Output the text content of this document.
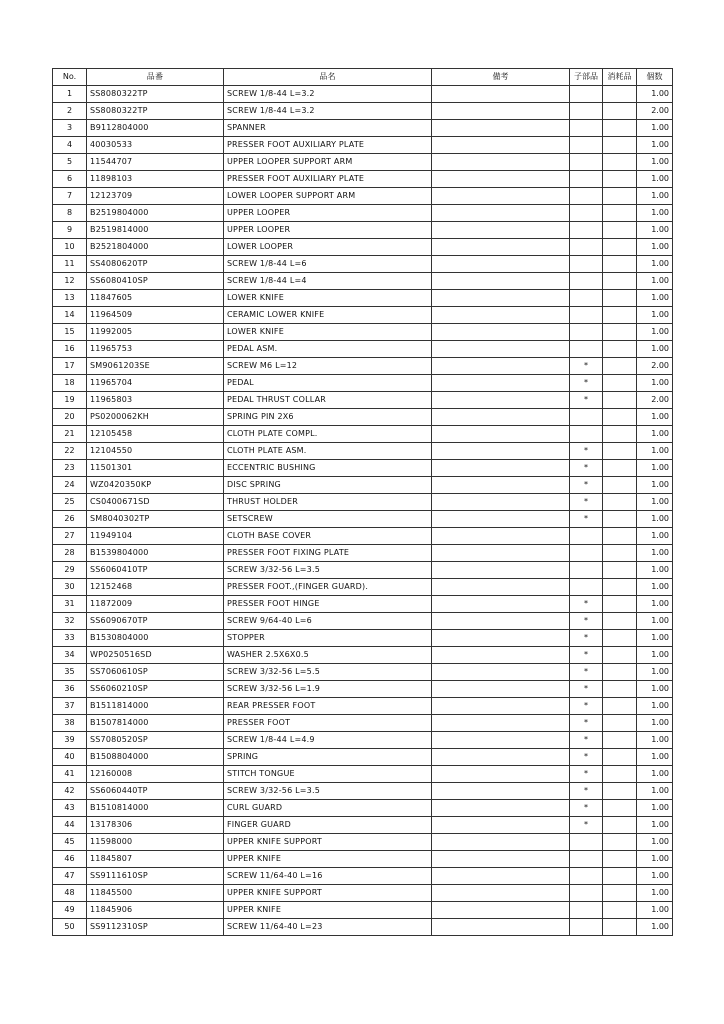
No.	品番	品名	備考	子部品	消耗品	個数
1	SS8080322TP	SCREW 1/8-44 L=3.2				1.00
2	SS8080322TP	SCREW 1/8-44 L=3.2				2.00
3	B9112804000	SPANNER				1.00
4	40030533	PRESSER FOOT AUXILIARY PLATE				1.00
5	11544707	UPPER LOOPER SUPPORT ARM				1.00
6	11898103	PRESSER FOOT AUXILIARY PLATE				1.00
7	12123709	LOWER LOOPER SUPPORT ARM				1.00
8	B2519804000	UPPER LOOPER				1.00
9	B2519814000	UPPER LOOPER				1.00
10	B2521804000	LOWER LOOPER				1.00
11	SS4080620TP	SCREW 1/8-44 L=6				1.00
12	SS6080410SP	SCREW 1/8-44 L=4				1.00
13	11847605	LOWER KNIFE				1.00
14	11964509	CERAMIC LOWER KNIFE				1.00
15	11992005	LOWER KNIFE				1.00
16	11965753	PEDAL ASM.				1.00
17	SM9061203SE	SCREW M6 L=12		*		2.00
18	11965704	PEDAL		*		1.00
19	11965803	PEDAL THRUST COLLAR		*		2.00
20	PS0200062KH	SPRING PIN 2X6				1.00
21	12105458	CLOTH PLATE COMPL.				1.00
22	12104550	CLOTH PLATE ASM.		*		1.00
23	11501301	ECCENTRIC BUSHING		*		1.00
24	WZ0420350KP	DISC SPRING		*		1.00
25	CS0400671SD	THRUST HOLDER		*		1.00
26	SM8040302TP	SETSCREW		*		1.00
27	11949104	CLOTH BASE COVER				1.00
28	B1539804000	PRESSER FOOT FIXING PLATE				1.00
29	SS6060410TP	SCREW 3/32-56 L=3.5				1.00
30	12152468	PRESSER FOOT.,(FINGER GUARD).				1.00
31	11872009	PRESSER FOOT HINGE		*		1.00
32	SS6090670TP	SCREW 9/64-40 L=6		*		1.00
33	B1530804000	STOPPER		*		1.00
34	WP0250516SD	WASHER 2.5X6X0.5		*		1.00
35	SS7060610SP	SCREW 3/32-56 L=5.5		*		1.00
36	SS6060210SP	SCREW 3/32-56 L=1.9		*		1.00
37	B1511814000	REAR PRESSER FOOT		*		1.00
38	B1507814000	PRESSER FOOT		*		1.00
39	SS7080520SP	SCREW 1/8-44 L=4.9		*		1.00
40	B1508804000	SPRING		*		1.00
41	12160008	STITCH TONGUE		*		1.00
42	SS6060440TP	SCREW 3/32-56 L=3.5		*		1.00
43	B1510814000	CURL GUARD		*		1.00
44	13178306	FINGER GUARD		*		1.00
45	11598000	UPPER KNIFE SUPPORT				1.00
46	11845807	UPPER KNIFE				1.00
47	SS9111610SP	SCREW 11/64-40 L=16				1.00
48	11845500	UPPER KNIFE SUPPORT				1.00
49	11845906	UPPER KNIFE				1.00
50	SS9112310SP	SCREW 11/64-40 L=23				1.00
